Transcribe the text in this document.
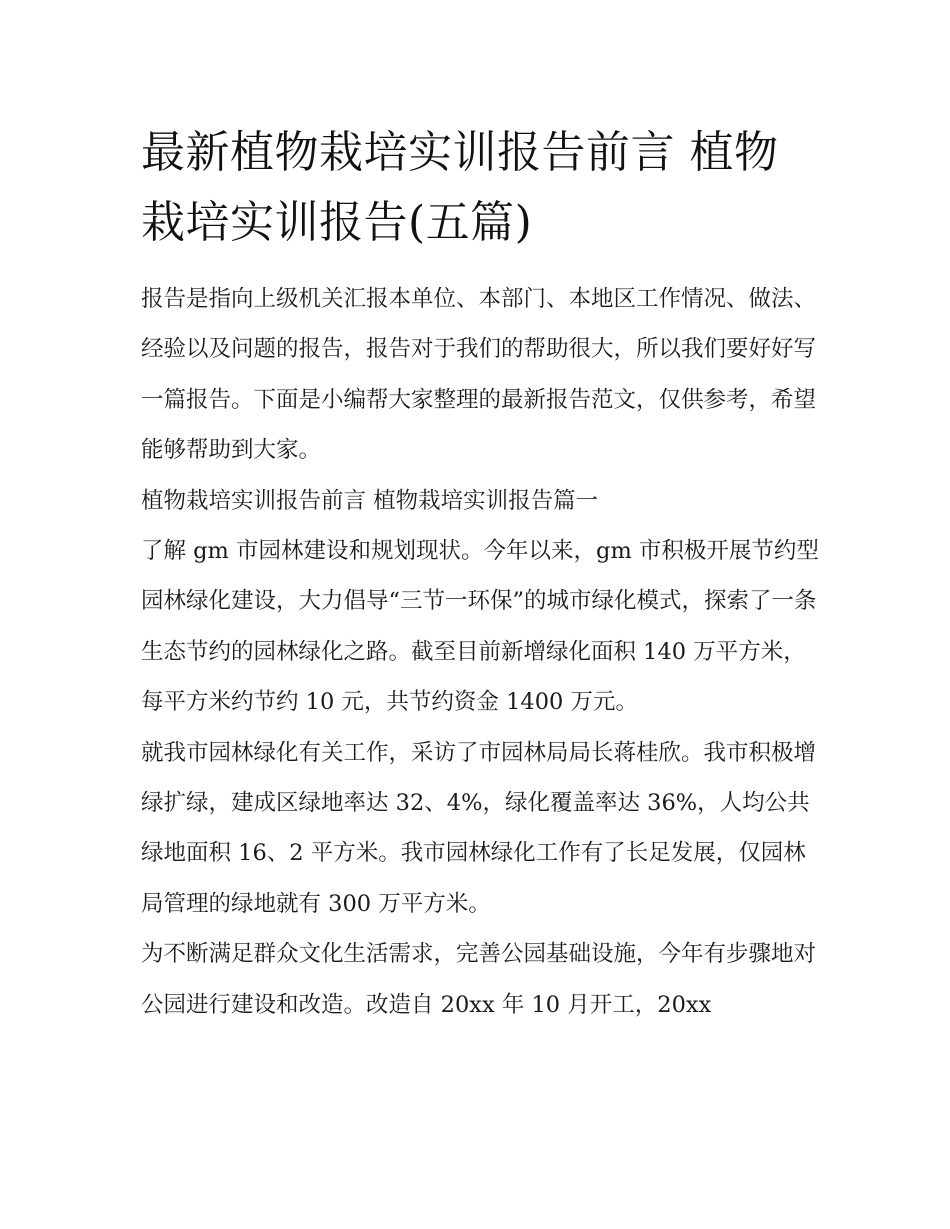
最新植物栽培实训报告前言 植物栽培实训报告(五篇)

报告是指向上级机关汇报本单位、本部门、本地区工作情况、做法、经验以及问题的报告，报告对于我们的帮助很大，所以我们要好好写一篇报告。下面是小编帮大家整理的最新报告范文，仅供参考，希望能够帮助到大家。

植物栽培实训报告前言 植物栽培实训报告篇一

了解 gm 市园林建设和规划现状。今年以来，gm 市积极开展节约型园林绿化建设，大力倡导“三节一环保”的城市绿化模式，探索了一条生态节约的园林绿化之路。截至目前新增绿化面积 140 万平方米，每平方米约节约 10 元，共节约资金 1400 万元。

就我市园林绿化有关工作，采访了市园林局局长蒋桂欣。我市积极增绿扩绿，建成区绿地率达 32、4%，绿化覆盖率达 36%，人均公共绿地面积 16、2 平方米。我市园林绿化工作有了长足发展，仅园林局管理的绿地就有 300 万平方米。

为不断满足群众文化生活需求，完善公园基础设施，今年有步骤地对公园进行建设和改造。改造自 20xx 年 10 月开工，20xx
